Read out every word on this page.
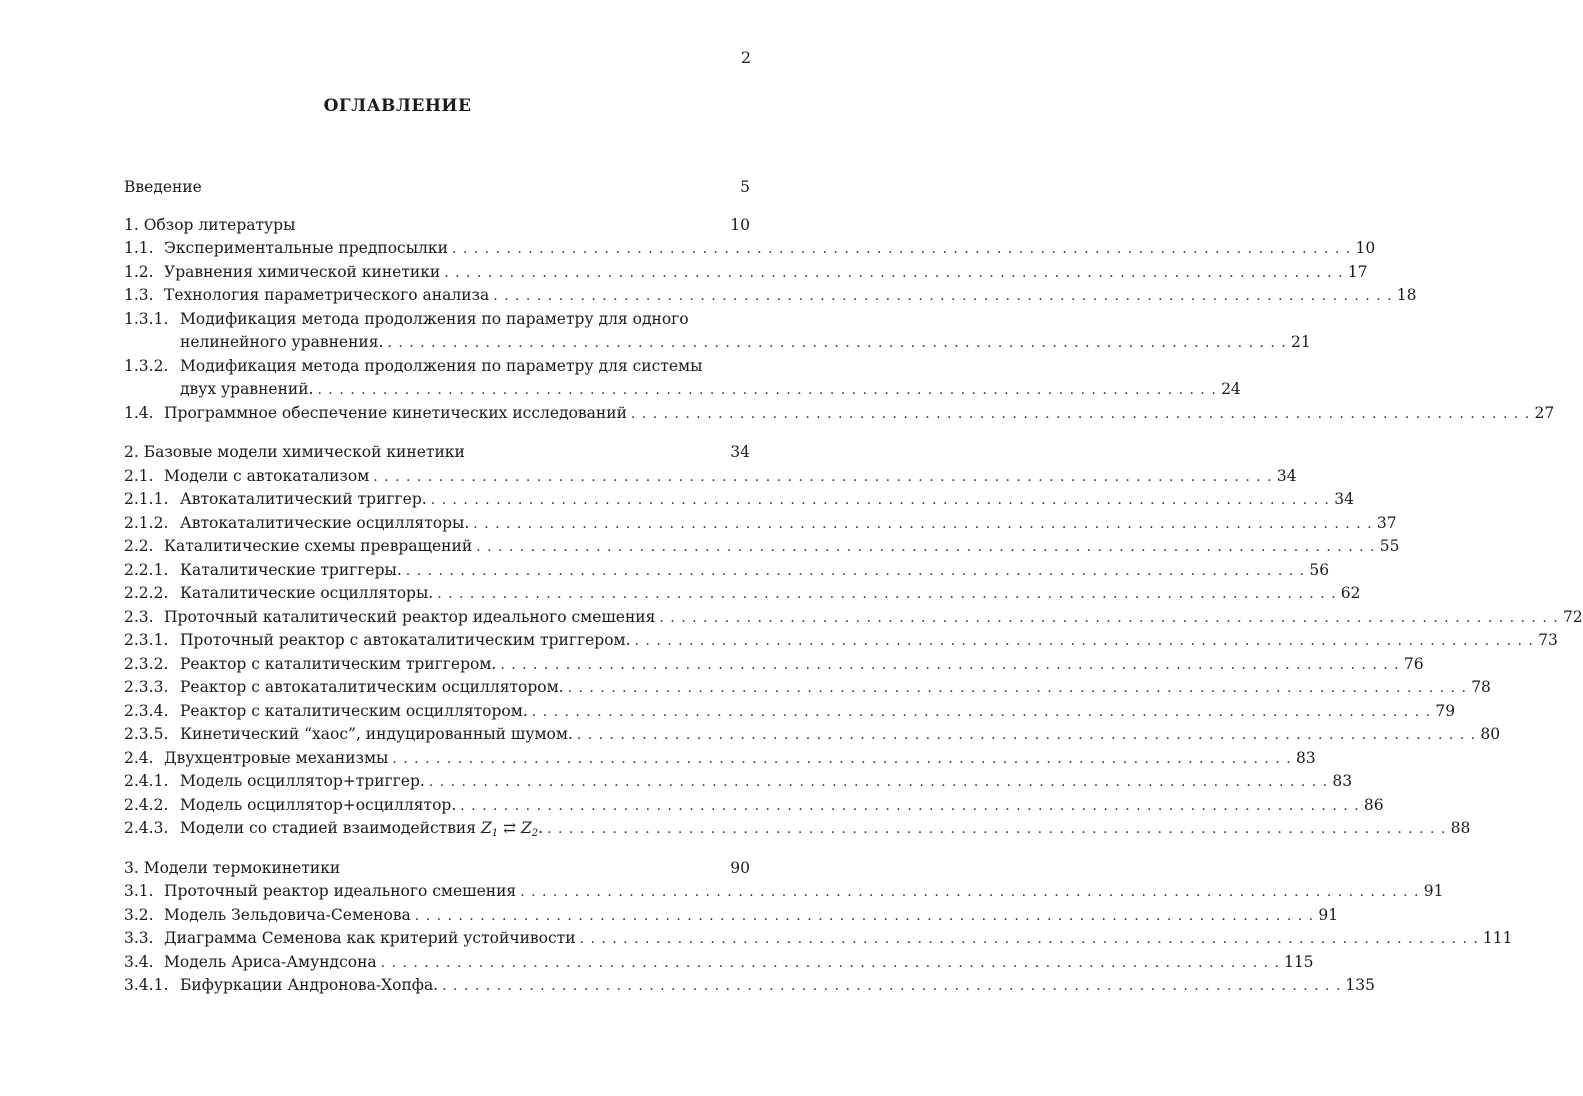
2
ОГЛАВЛЕНИЕ
Введение	5
1. Обзор литературы	10
1.1. Экспериментальные предпосылки . . .	10
1.2. Уравнения химической кинетики . . .	17
1.3. Технология параметрического анализа . . .	18
1.3.1. Модификация метода продолжения по параметру для одного
нелинейного уравнения. . . .	21
1.3.2. Модификация метода продолжения по параметру для системы
двух уравнений. . . .	24
1.4. Программное обеспечение кинетических исследований . . .	27
2. Базовые модели химической кинетики	34
2.1. Модели с автокатализом . . .	34
2.1.1. Автокаталитический триггер. . . .	34
2.1.2. Автокаталитические осцилляторы. . . .	37
2.2. Каталитические схемы превращений . . .	55
2.2.1. Каталитические триггеры. . . .	56
2.2.2. Каталитические осцилляторы. . . .	62
2.3. Проточный каталитический реактор идеального смешения . . .	72
2.3.1. Проточный реактор с автокаталитическим триггером. . . .	73
2.3.2. Реактор с каталитическим триггером. . . .	76
2.3.3. Реактор с автокаталитическим осциллятором. . . .	78
2.3.4. Реактор с каталитическим осциллятором. . . .	79
2.3.5. Кинетический “хаос”, индуцированный шумом. . . .	80
2.4. Двухцентровые механизмы . . .	83
2.4.1. Модель осциллятор+триггер. . . .	83
2.4.2. Модель осциллятор+осциллятор. . . .	86
2.4.3. Модели со стадией взаимодействия $Z_1$ ⇄ $Z_2$. . . .	88
3. Модели термокинетики	90
3.1. Проточный реактор идеального смешения . . .	91
3.2. Модель Зельдовича-Семенова . . .	91
3.3. Диаграмма Семенова как критерий устойчивости . . .	111
3.4. Модель Ариса-Амундсона . . .	115
3.4.1. Бифуркации Андронова-Хопфа. . . .	135
